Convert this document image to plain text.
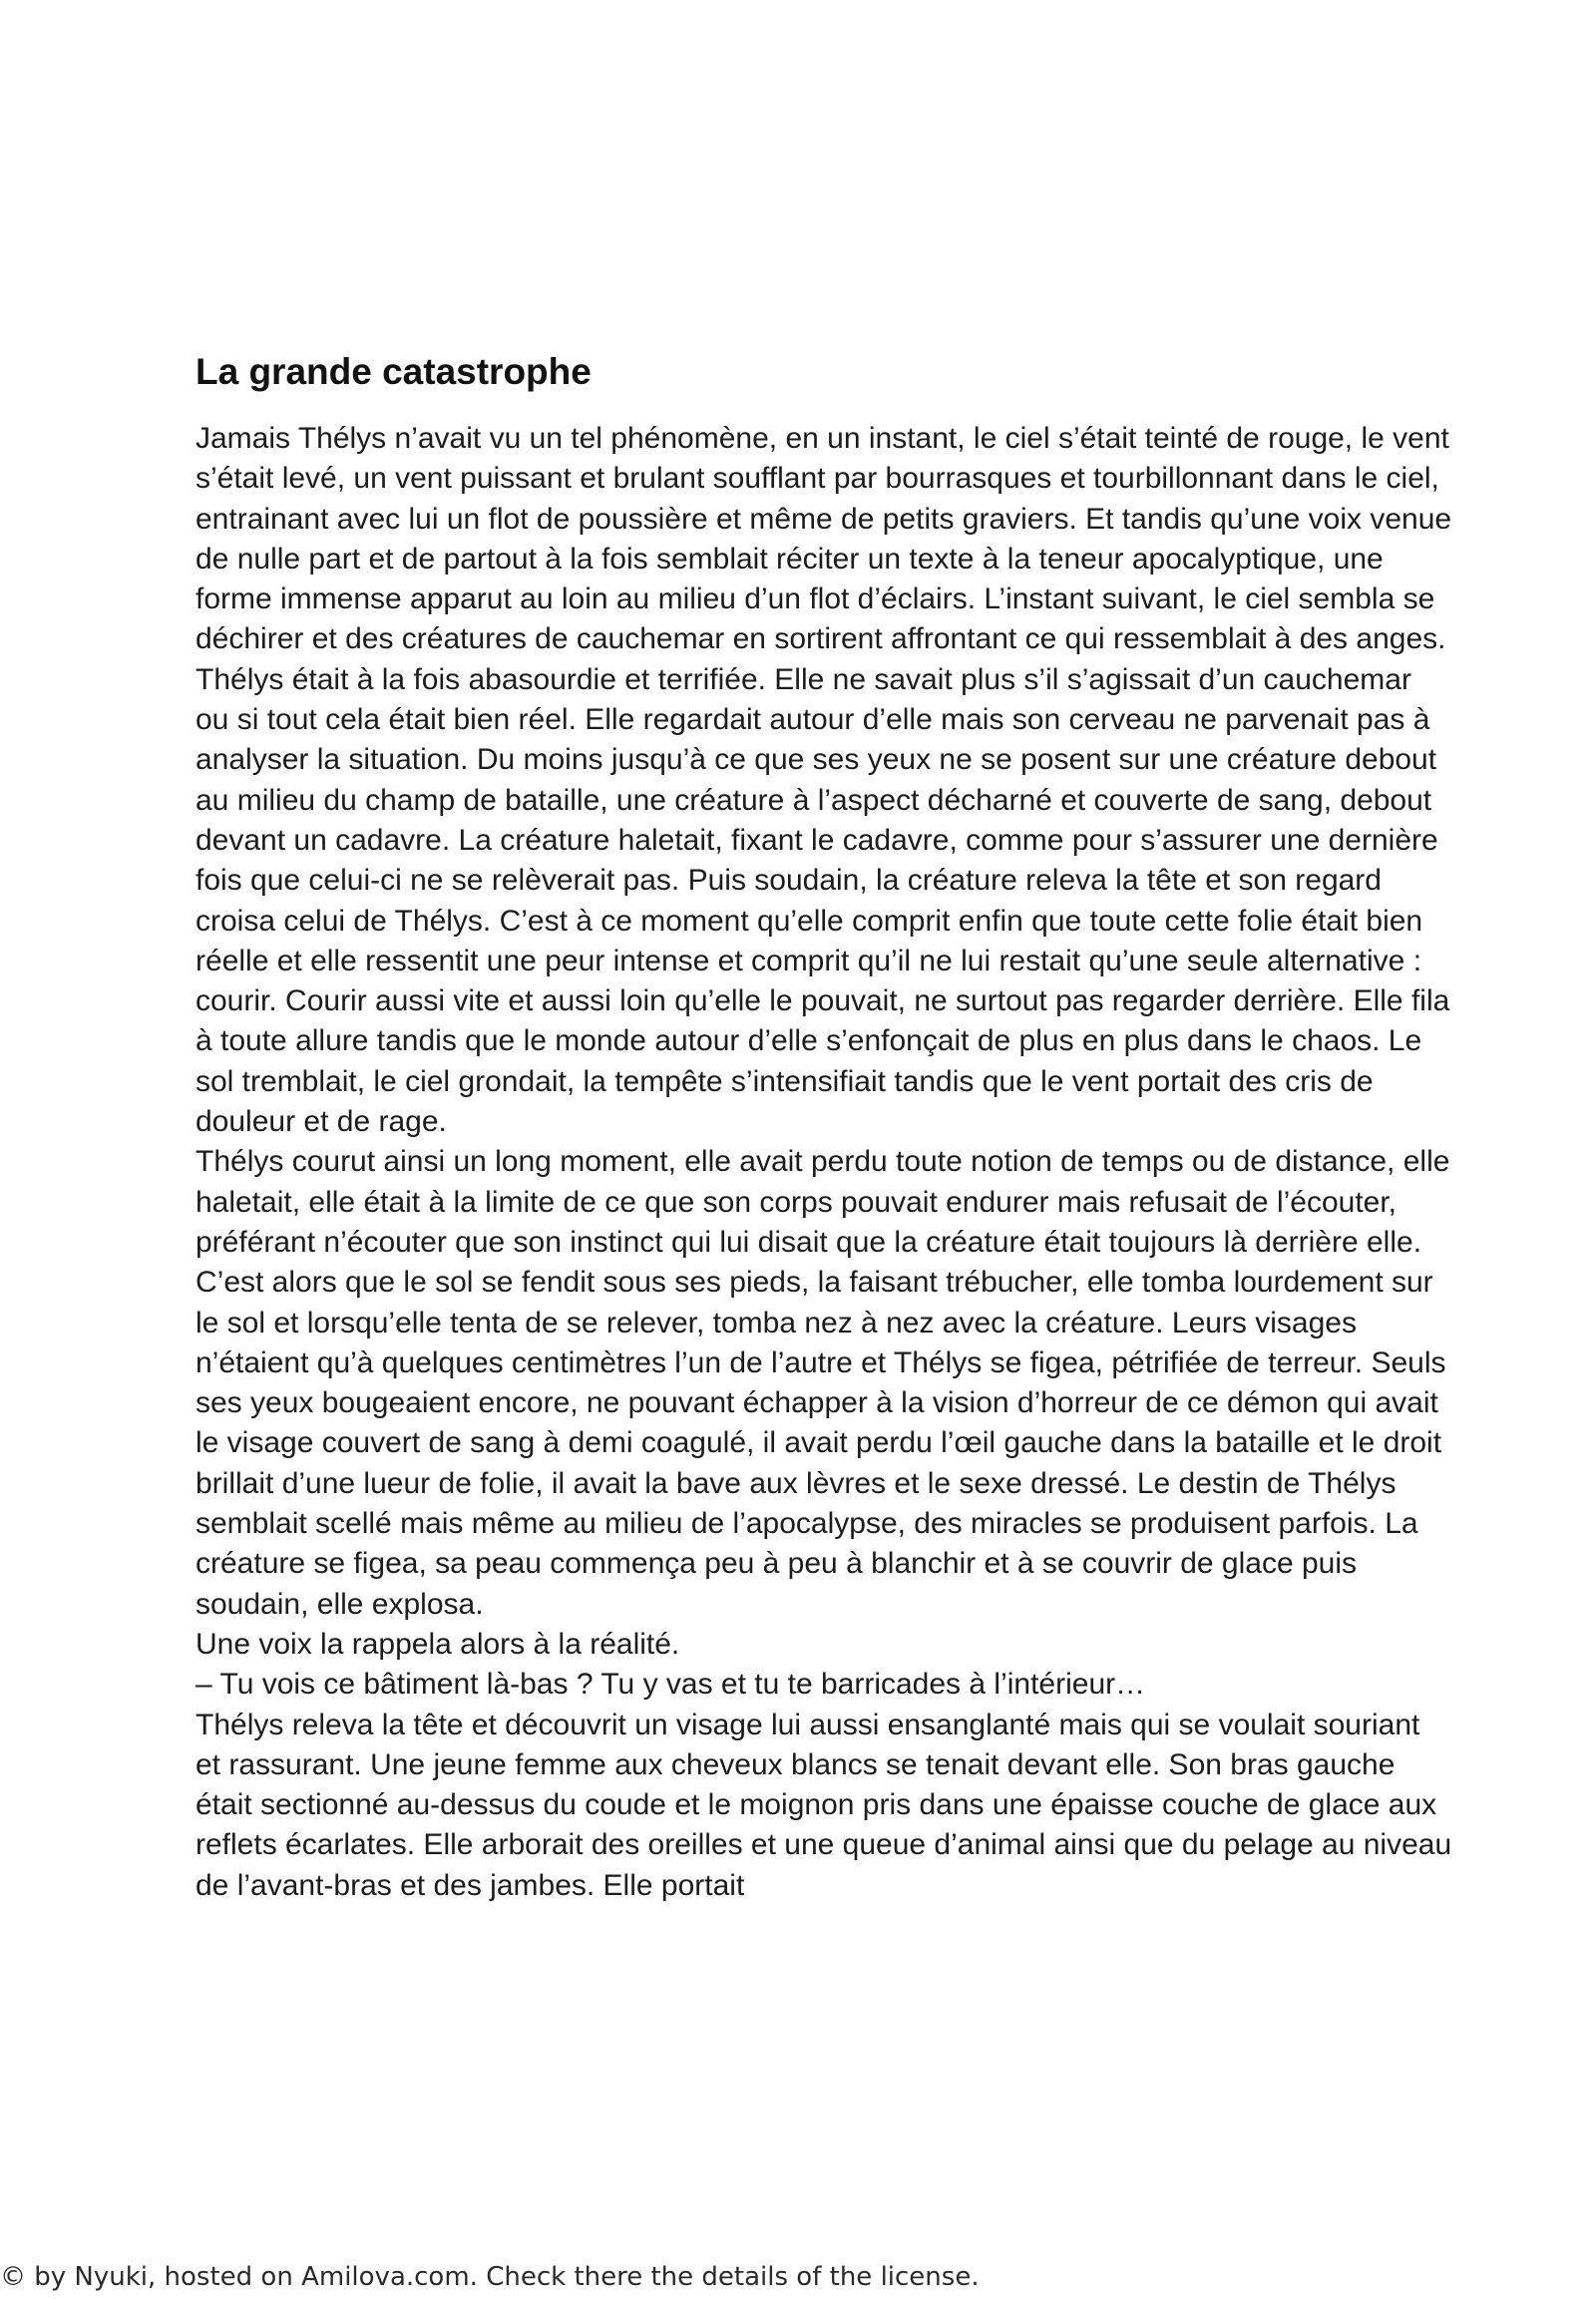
La grande catastrophe

Jamais Thélys n’avait vu un tel phénomène, en un instant, le ciel s’était teinté de rouge, le vent s’était levé, un vent puissant et brulant soufflant par bourrasques et tourbillonnant dans le ciel, entrainant avec lui un flot de poussière et même de petits graviers. Et tandis qu’une voix venue de nulle part et de partout à la fois semblait réciter un texte à la teneur apocalyptique, une forme immense apparut au loin au milieu d’un flot d’éclairs. L’instant suivant, le ciel sembla se déchirer et des créatures de cauchemar en sortirent affrontant ce qui ressemblait à des anges.

Thélys était à la fois abasourdie et terrifiée. Elle ne savait plus s’il s’agissait d’un cauchemar ou si tout cela était bien réel. Elle regardait autour d’elle mais son cerveau ne parvenait pas à analyser la situation. Du moins jusqu’à ce que ses yeux ne se posent sur une créature debout au milieu du champ de bataille, une créature à l’aspect décharné et couverte de sang, debout devant un cadavre. La créature haletait, fixant le cadavre, comme pour s’assurer une dernière fois que celui-ci ne se relèverait pas. Puis soudain, la créature releva la tête et son regard croisa celui de Thélys. C’est à ce moment qu’elle comprit enfin que toute cette folie était bien réelle et elle ressentit une peur intense et comprit qu’il ne lui restait qu’une seule alternative : courir. Courir aussi vite et aussi loin qu’elle le pouvait, ne surtout pas regarder derrière. Elle fila à toute allure tandis que le monde autour d’elle s’enfonçait de plus en plus dans le chaos. Le sol tremblait, le ciel grondait, la tempête s’intensifiait tandis que le vent portait des cris de douleur et de rage.

Thélys courut ainsi un long moment, elle avait perdu toute notion de temps ou de distance, elle haletait, elle était à la limite de ce que son corps pouvait endurer mais refusait de l’écouter, préférant n’écouter que son instinct qui lui disait que la créature était toujours là derrière elle. C’est alors que le sol se fendit sous ses pieds, la faisant trébucher, elle tomba lourdement sur le sol et lorsqu’elle tenta de se relever, tomba nez à nez avec la créature. Leurs visages n’étaient qu’à quelques centimètres l’un de l’autre et Thélys se figea, pétrifiée de terreur. Seuls ses yeux bougeaient encore, ne pouvant échapper à la vision d’horreur de ce démon qui avait le visage couvert de sang à demi coagulé, il avait perdu l’œil gauche dans la bataille et le droit brillait d’une lueur de folie, il avait la bave aux lèvres et le sexe dressé. Le destin de Thélys semblait scellé mais même au milieu de l’apocalypse, des miracles se produisent parfois. La créature se figea, sa peau commença peu à peu à blanchir et à se couvrir de glace puis soudain, elle explosa.

Une voix la rappela alors à la réalité.

– Tu vois ce bâtiment là-bas ? Tu y vas et tu te barricades à l’intérieur…

Thélys releva la tête et découvrit un visage lui aussi ensanglanté mais qui se voulait souriant et rassurant. Une jeune femme aux cheveux blancs se tenait devant elle. Son bras gauche était sectionné au-dessus du coude et le moignon pris dans une épaisse couche de glace aux reflets écarlates. Elle arborait des oreilles et une queue d’animal ainsi que du pelage au niveau de l’avant-bras et des jambes. Elle portait

© by Nyuki, hosted on Amilova.com. Check there the details of the license.
